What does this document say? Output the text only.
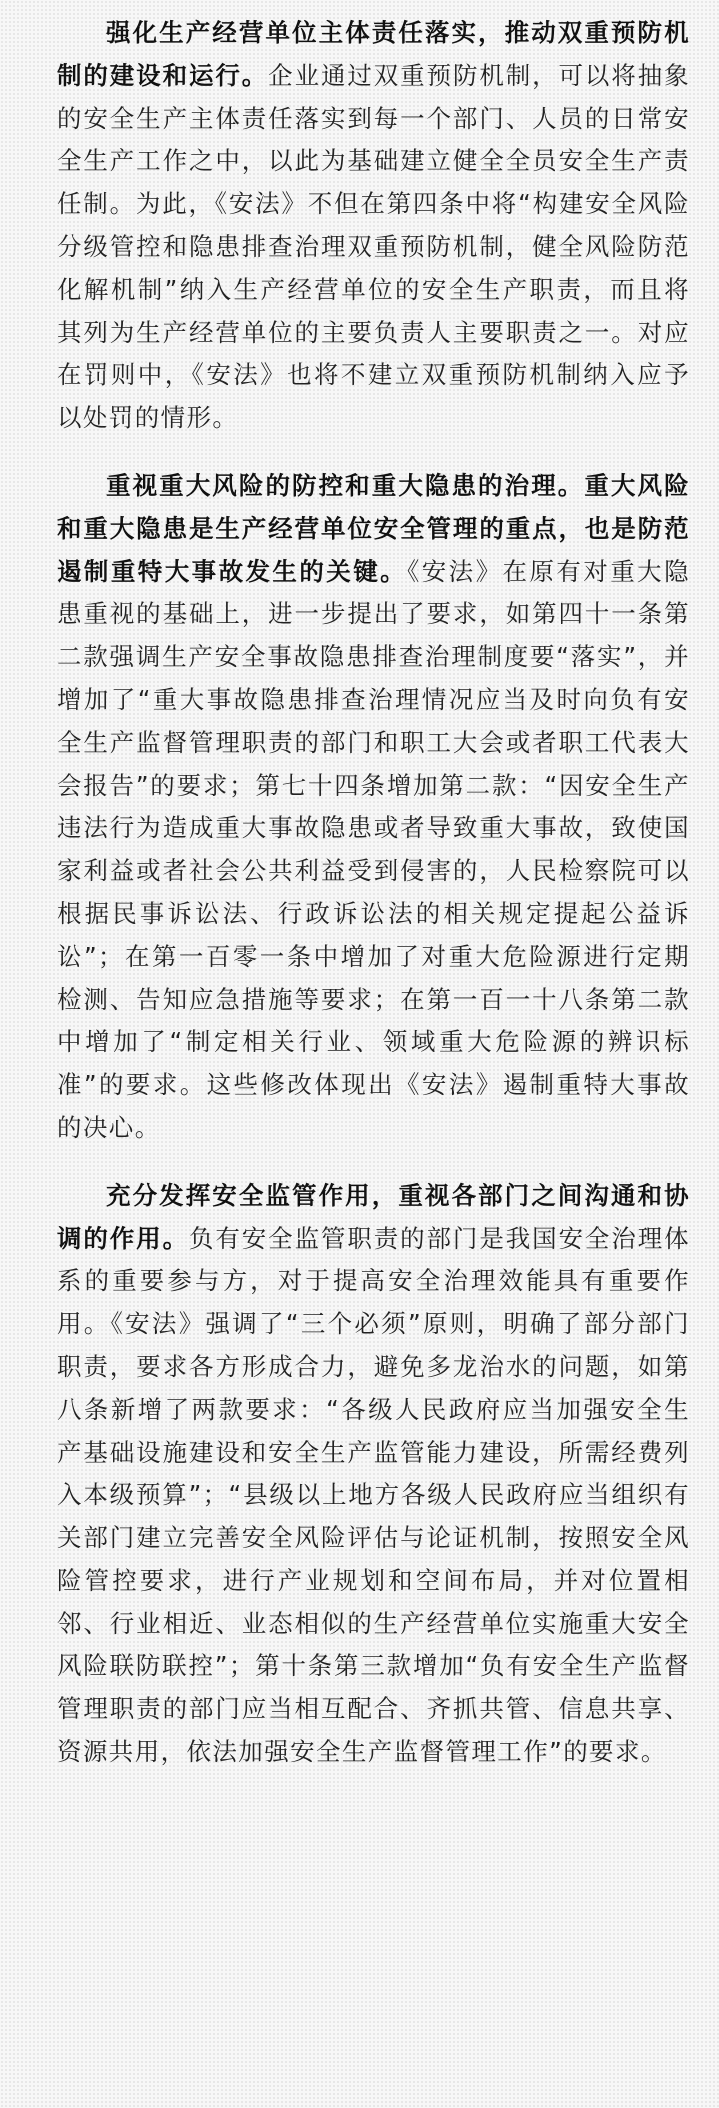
强化生产经营单位主体责任落实，推动双重预防机制的建设和运行。企业通过双重预防机制，可以将抽象的安全生产主体责任落实到每一个部门、人员的日常安全生产工作之中，以此为基础建立健全全员安全生产责任制。为此，《安法》不但在第四条中将“构建安全风险分级管控和隐患排查治理双重预防机制，健全风险防范化解机制”纳入生产经营单位的安全生产职责，而且将其列为生产经营单位的主要负责人主要职责之一。对应在罚则中，《安法》也将不建立双重预防机制纳入应予以处罚的情形。

重视重大风险的防控和重大隐患的治理。重大风险和重大隐患是生产经营单位安全管理的重点，也是防范遏制重特大事故发生的关键。《安法》在原有对重大隐患重视的基础上，进一步提出了要求，如第四十一条第二款强调生产安全事故隐患排查治理制度要“落实”，并增加了“重大事故隐患排查治理情况应当及时向负有安全生产监督管理职责的部门和职工大会或者职工代表大会报告”的要求；第七十四条增加第二款：“因安全生产违法行为造成重大事故隐患或者导致重大事故，致使国家利益或者社会公共利益受到侵害的，人民检察院可以根据民事诉讼法、行政诉讼法的相关规定提起公益诉讼”；在第一百零一条中增加了对重大危险源进行定期检测、告知应急措施等要求；在第一百一十八条第二款中增加了“制定相关行业、领域重大危险源的辨识标准”的要求。这些修改体现出《安法》遏制重特大事故的决心。

充分发挥安全监管作用，重视各部门之间沟通和协调的作用。负有安全监管职责的部门是我国安全治理体系的重要参与方，对于提高安全治理效能具有重要作用。《安法》强调了“三个必须”原则，明确了部分部门职责，要求各方形成合力，避免多龙治水的问题，如第八条新增了两款要求：“各级人民政府应当加强安全生产基础设施建设和安全生产监管能力建设，所需经费列入本级预算”；“县级以上地方各级人民政府应当组织有关部门建立完善安全风险评估与论证机制，按照安全风险管控要求，进行产业规划和空间布局，并对位置相邻、行业相近、业态相似的生产经营单位实施重大安全风险联防联控”；第十条第三款增加“负有安全生产监督管理职责的部门应当相互配合、齐抓共管、信息共享、资源共用，依法加强安全生产监督管理工作”的要求。
